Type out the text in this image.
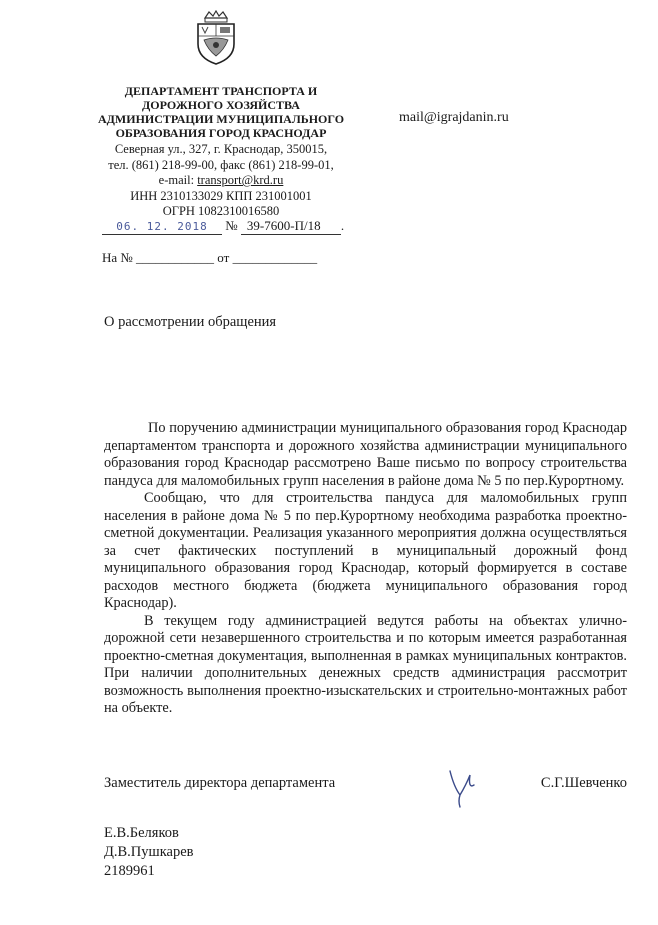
ДЕПАРТАМЕНТ ТРАНСПОРТА И
ДОРОЖНОГО ХОЗЯЙСТВА
АДМИНИСТРАЦИИ МУНИЦИПАЛЬНОГО
ОБРАЗОВАНИЯ ГОРОД КРАСНОДАР
Северная ул., 327, г. Краснодар, 350015,
тел. (861) 218-99-00, факс (861) 218-99-01,
e-mail: transport@krd.ru
ИНН 2310133029 КПП 231001001
ОГРН 1082310016580
mail@igrajdanin.ru
06. 12. 2018 № 39-7600-П/18 .
На № ____________ от _____________
О рассмотрении обращения

По поручению администрации муниципального образования город Краснодар департаментом транспорта и дорожного хозяйства администрации муниципального образования город Краснодар рассмотрено Ваше письмо по вопросу строительства пандуса для маломобильных групп населения в районе дома № 5 по пер.Курортному.

Сообщаю, что для строительства пандуса для маломобильных групп населения в районе дома № 5 по пер.Курортному необходима разработка проектно-сметной документации. Реализация указанного мероприятия должна осуществляться за счет фактических поступлений в муниципальный дорожный фонд муниципального образования город Краснодар, который формируется в составе расходов местного бюджета (бюджета муниципального образования город Краснодар).

В текущем году администрацией ведутся работы на объектах улично-дорожной сети незавершенного строительства и по которым имеется разработанная проектно-сметная документация, выполненная в рамках муниципальных контрактов. При наличии дополнительных денежных средств администрация рассмотрит возможность выполнения проектно-изыскательских и строительно-монтажных работ на объекте.

Заместитель директора департамента	С.Г.Шевченко
Е.В.Беляков
Д.В.Пушкарев
2189961
